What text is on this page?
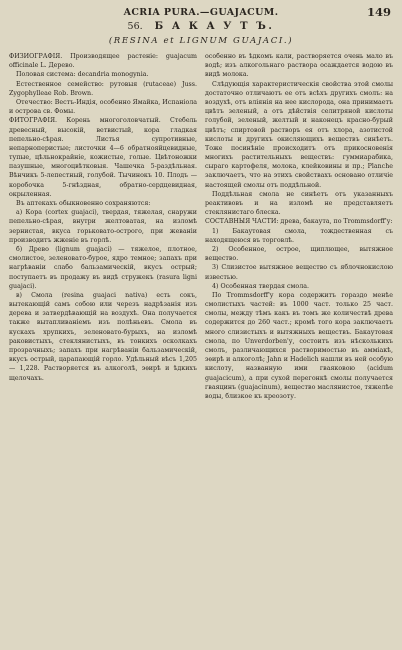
ACRIA PURA.—GUAJACUM.	149
56. Б А К А У Т Ъ.
(RESINA et LIGNUM GUAJACI.)

ФИЗИОГРАФІЯ. Производящее растеніе: guajacum officinale L. Дерево.

Половая система: decandria monogynia.

Естественное семейство: рутовыя (rutaceae) Juss. Zygophylleae Rob. Brown.

Отечество: Вестъ-Индія, особенно Ямайка, Испаніола и острова св. Фомы.

ФИТОГРАФІЯ. Корень многоголовчатый. Стебель древесный, высокій, ветвистый, кора гладкая пепельно-сѣрая. Листья супротивные, непарноперистые; листочки 4—6 обратнояйцевидные, тупые, цѣльнокрайніе, кожистые, голые. Цвѣтоножки пазушные, многоцвѣтковыя. Чашечка 5-раздѣльная. Вѣнчикъ 5-лепестный, голубой. Тычинокъ 10. Плодъ — коробочка 5-гнѣздная, обратно-сердцевидная, окрыленная.

Въ аптекахъ обыкновенно сохраняются:

а) Кора (cortex guajaci), твердая, тяжелая, снаружи пепельно-сѣрая, внутри желтоватая, на изломѣ зернистая, вкуса горьковато-острого, при жеваніи производитъ жженіе въ горлѣ.

б) Древо (lignum guajaci) — тяжелое, плотное, смолистое, зеленовато-бурое, ядро темное; запахъ при нагрѣваніи слабо бальзамическій, вкусъ острый; поступаетъ въ продажу въ видѣ стружекъ (rasura ligni guajaci).

в) Смола (resina guajaci nativa) есть сокъ, вытекающій самъ собою или черезъ надрѣзанія изъ дерева и затвердѣвающій на воздухѣ. Она получается также вытапливаніемъ изъ полѣньевъ. Смола въ кускахъ хрупкихъ, зеленовато-бурыхъ, на изломѣ раковистыхъ, стеклянистыхъ, въ тонкихъ осколкахъ прозрачныхъ; запахъ при нагрѣваніи бальзамическій, вкусъ острый, царапающій горло. Удѣльный вѣсъ 1,205 — 1,228. Растворяется въ алкоголѣ, эѳирѣ и ѣдкихъ щелочахъ.

особенно въ ѣдкомъ кали, растворяется очень мало въ водѣ; изъ алкогольнаго раствора осаждается водою въ видѣ молока.

Слѣдующія характеристическія свойства этой смолы достаточно отличаютъ ее отъ всѣхъ другихъ смолъ: на воздухѣ, отъ вліянія на нее кислорода, она принимаетъ цвѣтъ зеленый, а отъ дѣйствія селитряной кислоты голубой, зеленый, желтый и наконецъ красно-бурый цвѣтъ; спиртовой растворъ ея отъ хлора, азотистой кислоты и другихъ окисляющихъ веществъ синѣетъ. Тоже посинѣніе происходитъ отъ прикосновенія многихъ растительныхъ веществъ: гуммиарабика, сыраго картофеля, молока, клейковины и пр.; Planche заключаетъ, что на этихъ свойствахъ основано отличіе настоящей смолы отъ поддѣльной.

Поддѣльная смола не синѣетъ отъ указанныхъ реактивовъ и на изломѣ не представляетъ стеклянистаго блеска.

СОСТАВНЫЯ ЧАСТИ: древа, бакаута, по Trommsdorff'у:

1) Бакаутовая смола, тождественная съ находящеюся въ торговлѣ.

2) Особенное, острое, щиплющее, вытяжное вещество.

3) Слизистое вытяжное вещество съ яблочнокислою известью.

4) Особенная твердая смола.

По Trommsdorff'у кора содержитъ гораздо менѣе смолистыхъ частей: въ 1000 част. только 25 част. смолы, между тѣмъ какъ въ томъ же количествѣ древа содержится до 260 част.; кромѣ того кора заключаетъ много слизистыхъ и вытяжныхъ веществъ. Бакаутовая смола, по Unverdorben'у, состоитъ изъ нѣсколькихъ смолъ, различающихся растворимостью въ амміакѣ, эѳирѣ и алкоголѣ; Jahn и Hadelich нашли въ ней особую кислоту, названную ими гваяковою (acidum guajacicum), а при сухой перегонкѣ смолы получается гваяцинъ (guajacinum), вещество маслянистое, тяжелѣе воды, близкое къ креозоту.
